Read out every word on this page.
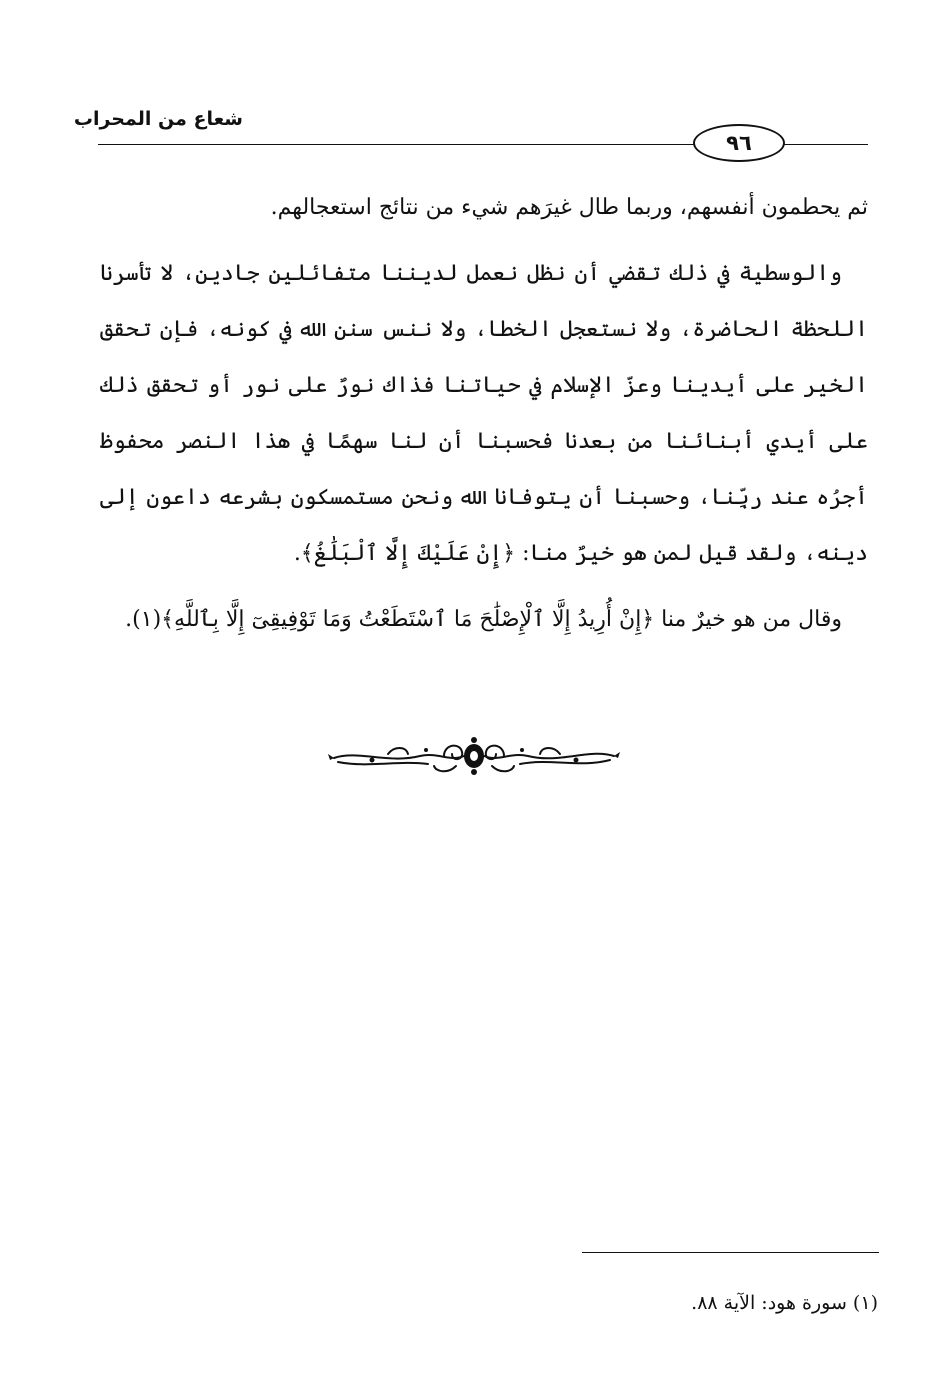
شعاع من المحراب
٩٦

ثم يحطمون أنفسهم، وربما طال غيرَهم شيء من نتائج استعجالهم.

والوسطية في ذلك تقضي أن نظل نعمل لديننا متفائلين جادين، لا تأسرنا اللحظة الحاضرة، ولا نستعجل الخطا، ولا ننس سنن الله في كونه، فإن تحقق الخير على أيدينا وعزّ الإسلام في حياتنا فذاك نورٌ على نور أو تحقق ذلك على أيدي أبنائنا من بعدنا فحسبنا أن لنا سهمًا في هذا النصر محفوظ أجرُه عند ربِّنا، وحسبنا أن يتوفانا الله ونحن مستمسكون بشرعه داعون إلى دينه، ولقد قيل لمن هو خيرٌ منا: ﴿إِنْ عَلَيْكَ إِلَّا ٱلْبَلَٰغُ﴾.

وقال من هو خيرٌ منا ﴿إِنْ أُرِيدُ إِلَّا ٱلْإِصْلَٰحَ مَا ٱسْتَطَعْتُ وَمَا تَوْفِيقِىٓ إِلَّا بِٱللَّهِ﴾(١).

(١) سورة هود: الآية ٨٨.
